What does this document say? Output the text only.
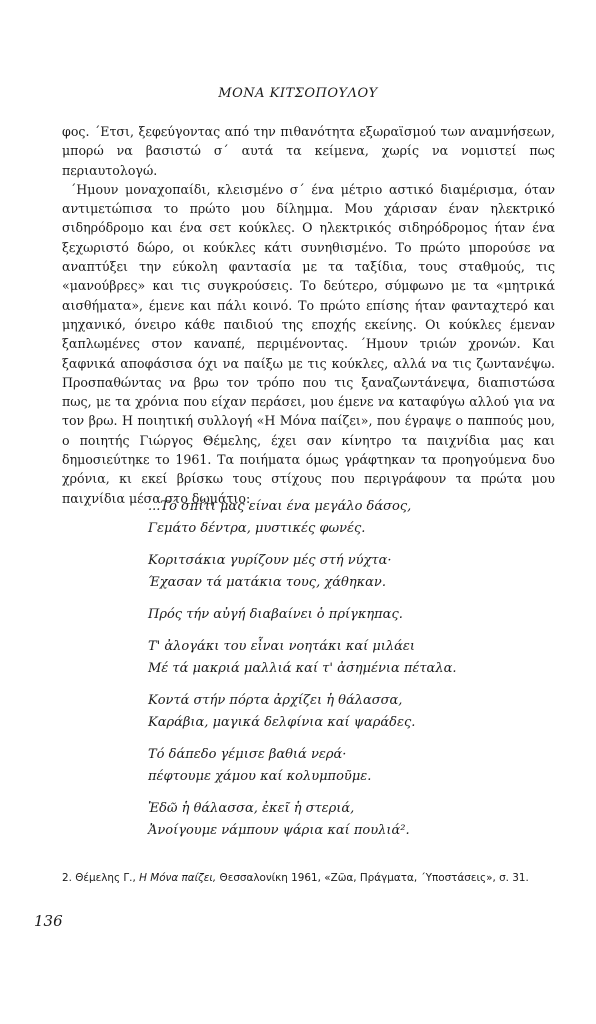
ΜΟΝΑ ΚΙΤΣΟΠΟΥΛΟΥ

φος. ΄Ετσι, ξεφεύγοντας από την πιθανότητα εξωραϊσμού των αναμνήσεων, μπορώ να βασιστώ σ΄ αυτά τα κείμενα, χωρίς να νομιστεί πως περιαυτολογώ.

΄Ημουν μοναχοπαίδι, κλεισμένο σ΄ ένα μέτριο αστικό διαμέρισμα, όταν αντιμετώπισα το πρώτο μου δίλημμα. Μου χάρισαν έναν ηλεκτρικό σιδηρόδρομο και ένα σετ κούκλες. Ο ηλεκτρικός σιδηρόδρομος ήταν ένα ξεχωριστό δώρο, οι κούκλες κάτι συνηθισμένο. Το πρώτο μπορούσε να αναπτύξει την εύκολη φαντασία με τα ταξίδια, τους σταθμούς, τις «μανούβρες» και τις συγκρούσεις. Το δεύτερο, σύμφωνο με τα «μητρικά αισθήματα», έμενε και πάλι κοινό. Το πρώτο επίσης ήταν φανταχτερό και μηχανικό, όνειρο κάθε παιδιού της εποχής εκείνης. Οι κούκλες έμεναν ξαπλωμένες στον καναπέ, περιμένοντας. ΄Ημουν τριών χρονών. Και ξαφνικά αποφάσισα όχι να παίξω με τις κούκλες, αλλά να τις ζωντανέψω. Προσπαθώντας να βρω τον τρόπο που τις ξαναζωντάνεψα, διαπιστώσα πως, με τα χρόνια που είχαν περάσει, μου έμενε να καταφύγω αλλού για να τον βρω. Η ποιητική συλλογή «Η Μόνα παίζει», που έγραψε ο παππούς μου, ο ποιητής Γιώργος Θέμελης, έχει σαν κίνητρο τα παιχνίδια μας και δημοσιεύτηκε το 1961. Τα ποιήματα όμως γράφτηκαν τα προηγούμενα δυο χρόνια, κι εκεί βρίσκω τους στίχους που περιγράφουν τα πρώτα μου παιχνίδια μέσα στο δωμάτιο:

...Τό σπίτι μας είναι ένα μεγάλο δάσος,
Γεμάτο δέντρα, μυστικές φωνές.
Κοριτσάκια γυρίζουν μές στή νύχτα·
Έχασαν τά ματάκια τους, χάθηκαν.
Πρός τήν αὐγή διαβαίνει ὁ πρίγκηπας.
Τ' ἀλογάκι του εἶναι νοητάκι καί μιλάει
Μέ τά μακριά μαλλιά καί τ' ἀσημένια πέταλα.
Κοντά στήν πόρτα ἀρχίζει ἡ θάλασσα,
Καράβια, μαγικά δελφίνια καί ψαράδες.
Τό δάπεδο γέμισε βαθιά νερά·
πέφτουμε χάμου καί κολυμποῦμε.
Ἐδῶ ἡ θάλασσα, ἐκεῖ ἡ στεριά,
Ἀνοίγουμε νάμπουν ψάρια καί πουλιά².
2. Θέμελης Γ., Η Μόνα παίζει, Θεσσαλονίκη 1961, «Ζῶα, Πράγματα, ΄Υποστάσεις», σ. 31.
136
